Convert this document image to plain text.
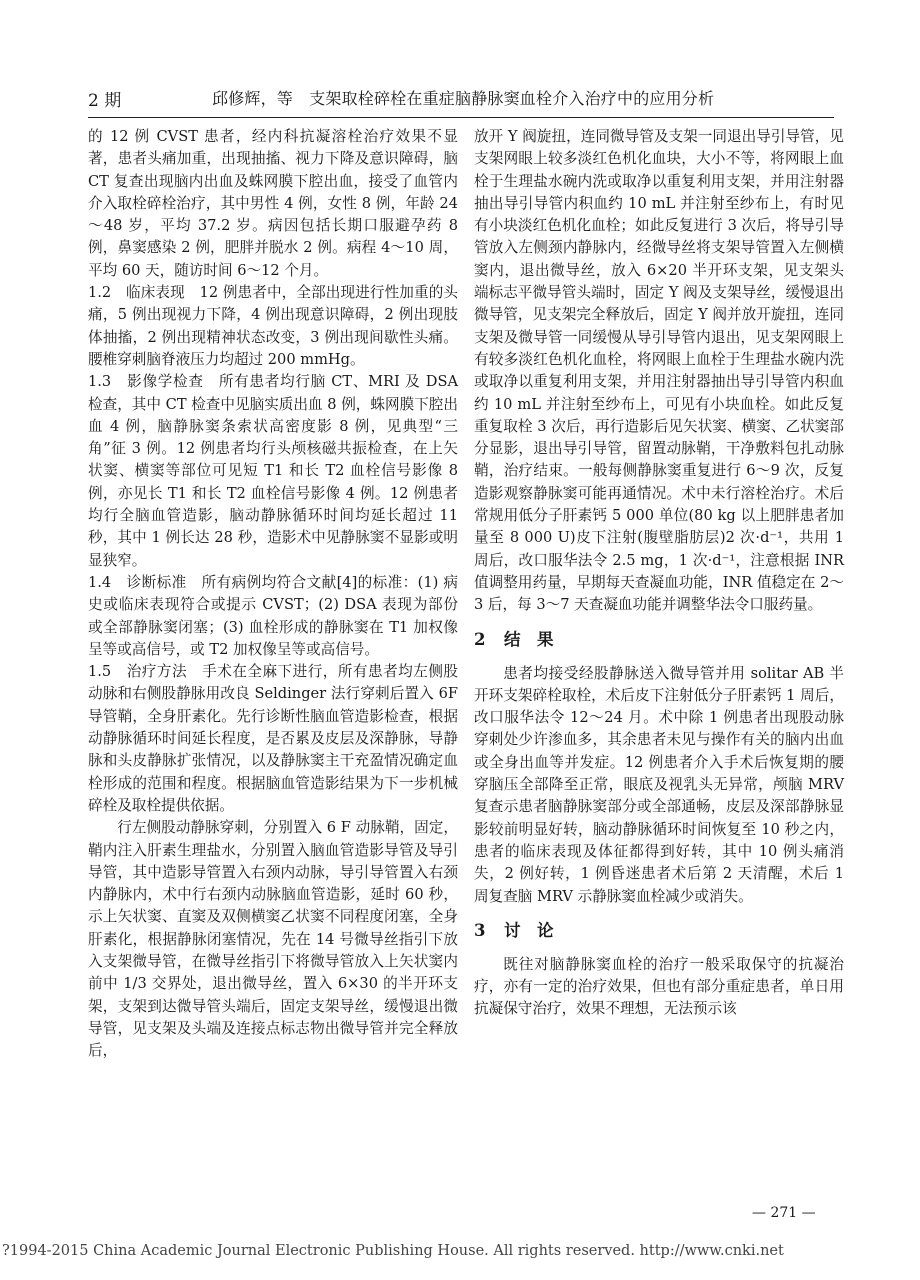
2 期	邱修辉，等　支架取栓碎栓在重症脑静脉窦血栓介入治疗中的应用分析

的 12 例 CVST 患者，经内科抗凝溶栓治疗效果不显著，患者头痛加重，出现抽搐、视力下降及意识障碍，脑 CT 复查出现脑内出血及蛛网膜下腔出血，接受了血管内介入取栓碎栓治疗，其中男性 4 例，女性 8 例，年龄 24～48 岁，平均 37.2 岁。病因包括长期口服避孕药 8 例，鼻窦感染 2 例，肥胖并脱水 2 例。病程 4～10 周，平均 60 天，随访时间 6～12 个月。

1.2　临床表现　12 例患者中，全部出现进行性加重的头痛，5 例出现视力下降，4 例出现意识障碍，2 例出现肢体抽搐，2 例出现精神状态改变，3 例出现间歇性头痛。腰椎穿刺脑脊液压力均超过 200 mmHg。

1.3　影像学检查　所有患者均行脑 CT、MRI 及 DSA 检查，其中 CT 检查中见脑实质出血 8 例，蛛网膜下腔出血 4 例，脑静脉窦条索状高密度影 8 例，见典型“三角”征 3 例。12 例患者均行头颅核磁共振检查，在上矢状窦、横窦等部位可见短 T1 和长 T2 血栓信号影像 8 例，亦见长 T1 和长 T2 血栓信号影像 4 例。12 例患者均行全脑血管造影，脑动静脉循环时间均延长超过 11 秒，其中 1 例长达 28 秒，造影术中见静脉窦不显影或明显狭窄。

1.4　诊断标准　所有病例均符合文献[4]的标准：(1) 病史或临床表现符合或提示 CVST；(2) DSA 表现为部份或全部静脉窦闭塞；(3) 血栓形成的静脉窦在 T1 加权像呈等或高信号，或 T2 加权像呈等或高信号。

1.5　治疗方法　手术在全麻下进行，所有患者均左侧股动脉和右侧股静脉用改良 Seldinger 法行穿刺后置入 6F 导管鞘，全身肝素化。先行诊断性脑血管造影检查，根据动静脉循环时间延长程度，是否累及皮层及深静脉，导静脉和头皮静脉扩张情况，以及静脉窦主干充盈情况确定血栓形成的范围和程度。根据脑血管造影结果为下一步机械碎栓及取栓提供依据。

行左侧股动静脉穿刺，分别置入 6 F 动脉鞘，固定，鞘内注入肝素生理盐水，分别置入脑血管造影导管及导引导管，其中造影导管置入右颈内动脉，导引导管置入右颈内静脉内，术中行右颈内动脉脑血管造影，延时 60 秒，示上矢状窦、直窦及双侧横窦乙状窦不同程度闭塞，全身肝素化，根据静脉闭塞情况，先在 14 号微导丝指引下放入支架微导管，在微导丝指引下将微导管放入上矢状窦内前中 1/3 交界处，退出微导丝，置入 6×30 的半开环支架，支架到达微导管头端后，固定支架导丝，缓慢退出微导管，见支架及头端及连接点标志物出微导管并完全释放后，

放开 Y 阀旋扭，连同微导管及支架一同退出导引导管，见支架网眼上较多淡红色机化血块，大小不等，将网眼上血栓于生理盐水碗内洗或取净以重复利用支架，并用注射器抽出导引导管内积血约 10 mL 并注射至纱布上，有时见有小块淡红色机化血栓；如此反复进行 3 次后，将导引导管放入左侧颈内静脉内，经微导丝将支架导管置入左侧横窦内，退出微导丝，放入 6×20 半开环支架，见支架头端标志平微导管头端时，固定 Y 阀及支架导丝，缓慢退出微导管，见支架完全释放后，固定 Y 阀并放开旋扭，连同支架及微导管一同缓慢从导引导管内退出，见支架网眼上有较多淡红色机化血栓，将网眼上血栓于生理盐水碗内洗或取净以重复利用支架，并用注射器抽出导引导管内积血约 10 mL 并注射至纱布上，可见有小块血栓。如此反复重复取栓 3 次后，再行造影后见矢状窦、横窦、乙状窦部分显影，退出导引导管，留置动脉鞘，干净敷料包扎动脉鞘，治疗结束。一般每侧静脉窦重复进行 6～9 次，反复造影观察静脉窦可能再通情况。术中未行溶栓治疗。术后常规用低分子肝素钙 5 000 单位(80 kg 以上肥胖患者加量至 8 000 U)皮下注射(腹壁脂肪层)2 次·d⁻¹，共用 1 周后，改口服华法令 2.5 mg，1 次·d⁻¹，注意根据 INR 值调整用药量，早期每天查凝血功能，INR 值稳定在 2～3 后，每 3～7 天查凝血功能并调整华法令口服药量。

2 结　果

患者均接受经股静脉送入微导管并用 solitar AB 半开环支架碎栓取栓，术后皮下注射低分子肝素钙 1 周后，改口服华法令 12～24 月。术中除 1 例患者出现股动脉穿刺处少许渗血多，其余患者未见与操作有关的脑内出血或全身出血等并发症。12 例患者介入手术后恢复期的腰穿脑压全部降至正常，眼底及视乳头无异常，颅脑 MRV 复查示患者脑静脉窦部分或全部通畅，皮层及深部静脉显影较前明显好转，脑动静脉循环时间恢复至 10 秒之内，患者的临床表现及体征都得到好转，其中 10 例头痛消失，2 例好转，1 例昏迷患者术后第 2 天清醒，术后 1 周复查脑 MRV 示静脉窦血栓减少或消失。

3 讨　论

既往对脑静脉窦血栓的治疗一般采取保守的抗凝治疗，亦有一定的治疗效果，但也有部分重症患者，单日用抗凝保守治疗，效果不理想，无法预示该

— 271 —
?1994-2015 China Academic Journal Electronic Publishing House. All rights reserved. http://www.cnki.net
